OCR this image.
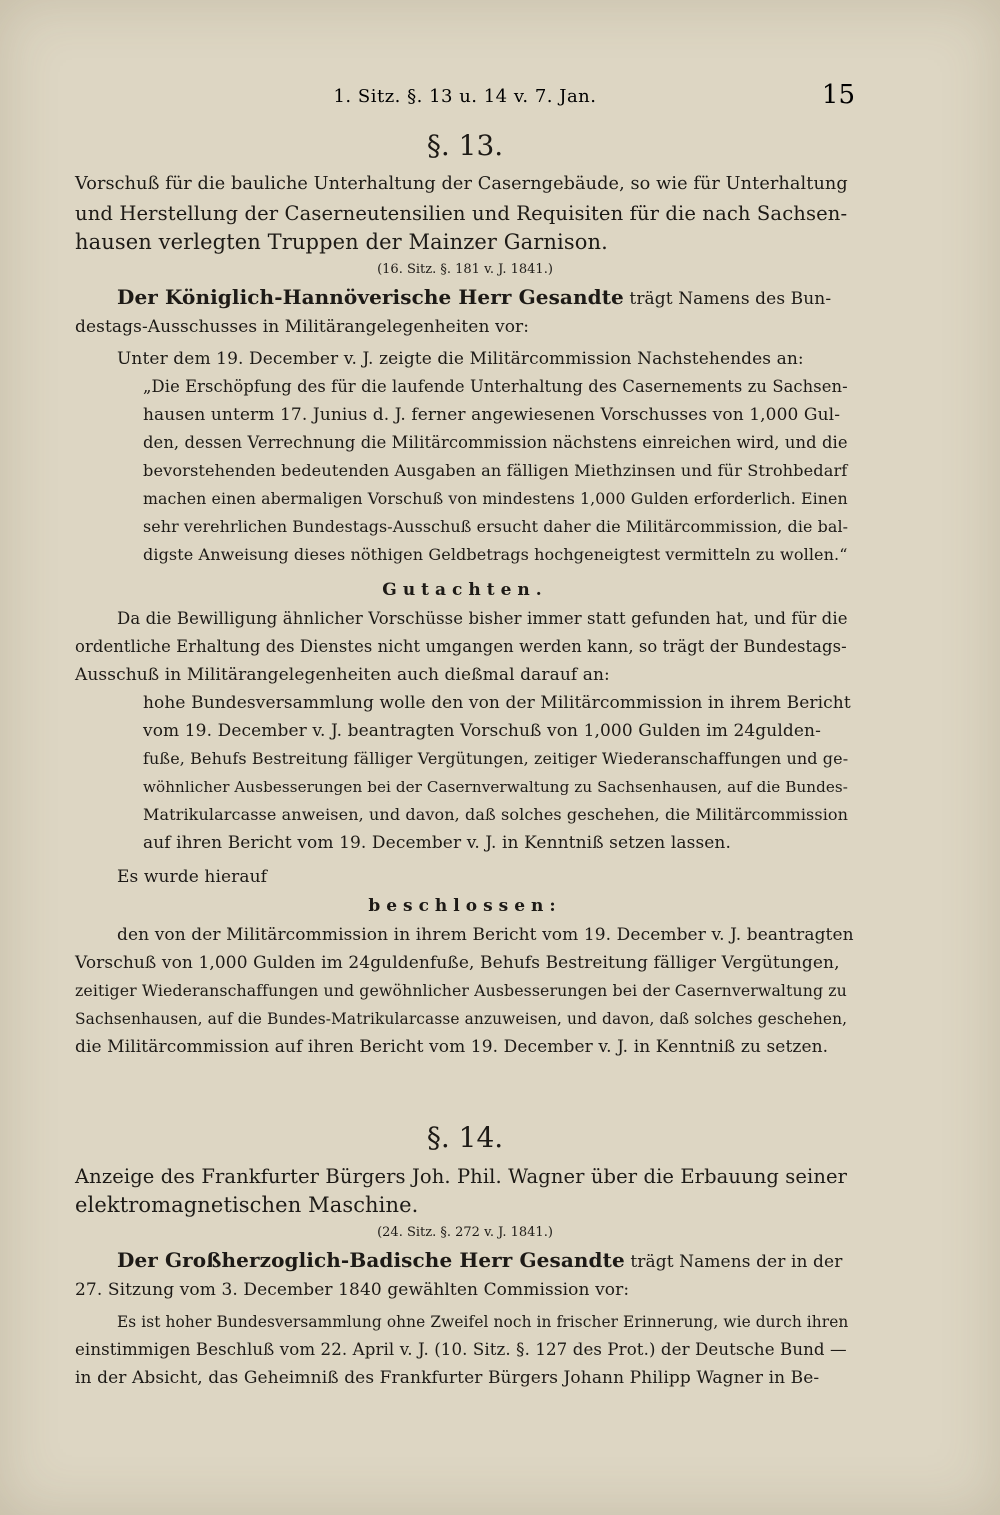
1. Sitz. §. 13 u. 14 v. 7. Jan.	15
§. 13.
Vorschuß für die bauliche Unterhaltung der Caserngebäude, so wie für Unterhaltung
und Herstellung der Caserneutensilien und Requisiten für die nach Sachsen-
hausen verlegten Truppen der Mainzer Garnison.
(16. Sitz. §. 181 v. J. 1841.)
Der Königlich-Hannöverische Herr Gesandte trägt Namens des Bun-
destags-Ausschusses in Militärangelegenheiten vor:
Unter dem 19. December v. J. zeigte die Militärcommission Nachstehendes an:
„Die Erschöpfung des für die laufende Unterhaltung des Casernements zu Sachsen-
hausen unterm 17. Junius d. J. ferner angewiesenen Vorschusses von 1,000 Gul-
den, dessen Verrechnung die Militärcommission nächstens einreichen wird, und die
bevorstehenden bedeutenden Ausgaben an fälligen Miethzinsen und für Strohbedarf
machen einen abermaligen Vorschuß von mindestens 1,000 Gulden erforderlich. Einen
sehr verehrlichen Bundestags-Ausschuß ersucht daher die Militärcommission, die bal-
digste Anweisung dieses nöthigen Geldbetrags hochgeneigtest vermitteln zu wollen.“
Gutachten.
Da die Bewilligung ähnlicher Vorschüsse bisher immer statt gefunden hat, und für die
ordentliche Erhaltung des Dienstes nicht umgangen werden kann, so trägt der Bundestags-
Ausschuß in Militärangelegenheiten auch dießmal darauf an:
hohe Bundesversammlung wolle den von der Militärcommission in ihrem Bericht
vom 19. December v. J. beantragten Vorschuß von 1,000 Gulden im 24gulden-
fuße, Behufs Bestreitung fälliger Vergütungen, zeitiger Wiederanschaffungen und ge-
wöhnlicher Ausbesserungen bei der Casernverwaltung zu Sachsenhausen, auf die Bundes-
Matrikularcasse anweisen, und davon, daß solches geschehen, die Militärcommission
auf ihren Bericht vom 19. December v. J. in Kenntniß setzen lassen.
Es wurde hierauf
beschlossen:
den von der Militärcommission in ihrem Bericht vom 19. December v. J. beantragten
Vorschuß von 1,000 Gulden im 24guldenfuße, Behufs Bestreitung fälliger Vergütungen,
zeitiger Wiederanschaffungen und gewöhnlicher Ausbesserungen bei der Casernverwaltung zu
Sachsenhausen, auf die Bundes-Matrikularcasse anzuweisen, und davon, daß solches geschehen,
die Militärcommission auf ihren Bericht vom 19. December v. J. in Kenntniß zu setzen.
§. 14.
Anzeige des Frankfurter Bürgers Joh. Phil. Wagner über die Erbauung seiner
elektromagnetischen Maschine.
(24. Sitz. §. 272 v. J. 1841.)
Der Großherzoglich-Badische Herr Gesandte trägt Namens der in der
27. Sitzung vom 3. December 1840 gewählten Commission vor:
Es ist hoher Bundesversammlung ohne Zweifel noch in frischer Erinnerung, wie durch ihren
einstimmigen Beschluß vom 22. April v. J. (10. Sitz. §. 127 des Prot.) der Deutsche Bund —
in der Absicht, das Geheimniß des Frankfurter Bürgers Johann Philipp Wagner in Be-
